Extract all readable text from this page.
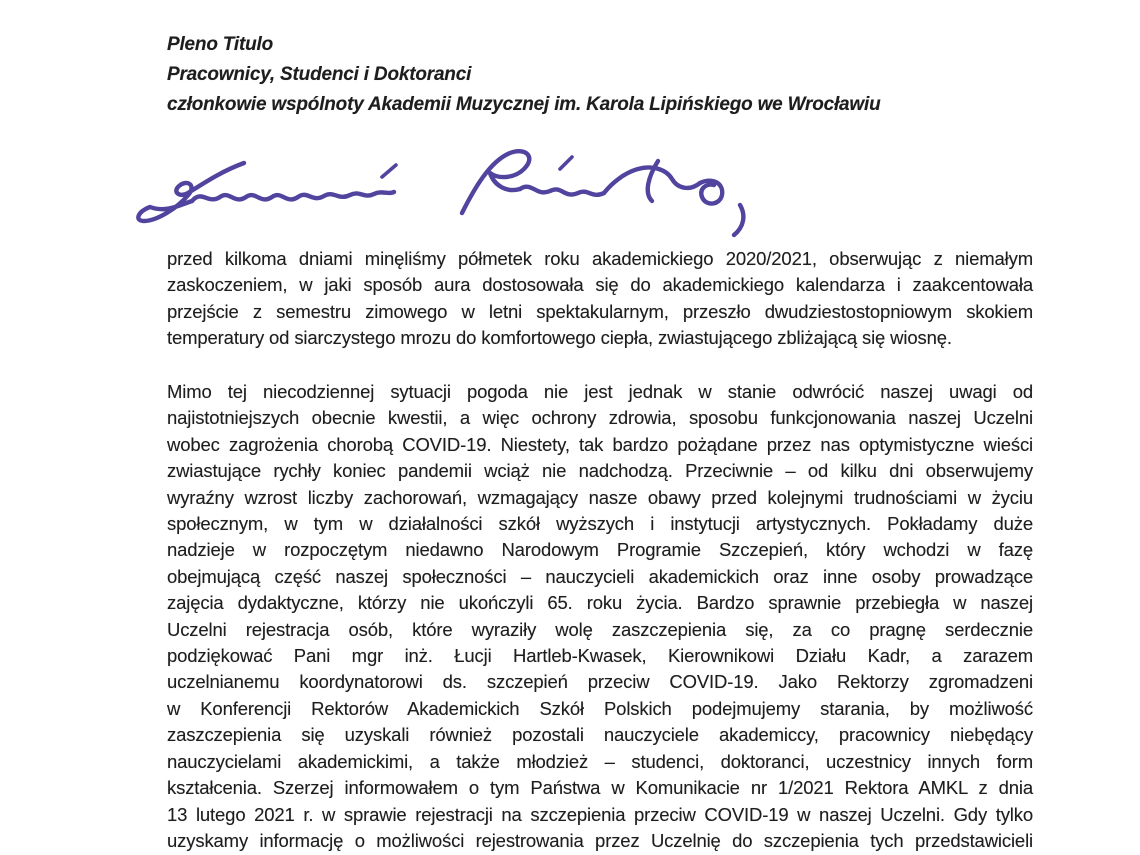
Pleno Titulo
Pracownicy, Studenci i Doktoranci
członkowie wspólnoty Akademii Muzycznej im. Karola Lipińskiego we Wrocławiu
przed kilkoma dniami minęliśmy półmetek roku akademickiego 2020/2021, obserwując z niemałym
zaskoczeniem, w jaki sposób aura dostosowała się do akademickiego kalendarza i zaakcentowała
przejście z semestru zimowego w letni spektakularnym, przeszło dwudziestostopniowym skokiem
temperatury od siarczystego mrozu do komfortowego ciepła, zwiastującego zbliżającą się wiosnę.
Mimo tej niecodziennej sytuacji pogoda nie jest jednak w stanie odwrócić naszej uwagi od
najistotniejszych obecnie kwestii, a więc ochrony zdrowia, sposobu funkcjonowania naszej Uczelni
wobec zagrożenia chorobą COVID-19. Niestety, tak bardzo pożądane przez nas optymistyczne wieści
zwiastujące rychły koniec pandemii wciąż nie nadchodzą. Przeciwnie – od kilku dni obserwujemy
wyraźny wzrost liczby zachorowań, wzmagający nasze obawy przed kolejnymi trudnościami w życiu
społecznym, w tym w działalności szkół wyższych i instytucji artystycznych. Pokładamy duże
nadzieje w rozpoczętym niedawno Narodowym Programie Szczepień, który wchodzi w fazę
obejmującą część naszej społeczności – nauczycieli akademickich oraz inne osoby prowadzące
zajęcia dydaktyczne, którzy nie ukończyli 65. roku życia. Bardzo sprawnie przebiegła w naszej
Uczelni rejestracja osób, które wyraziły wolę zaszczepienia się, za co pragnę serdecznie
podziękować Pani mgr inż. Łucji Hartleb-Kwasek, Kierownikowi Działu Kadr, a zarazem
uczelnianemu koordynatorowi ds. szczepień przeciw COVID-19. Jako Rektorzy zgromadzeni
w Konferencji Rektorów Akademickich Szkół Polskich podejmujemy starania, by możliwość
zaszczepienia się uzyskali również pozostali nauczyciele akademiccy, pracownicy niebędący
nauczycielami akademickimi, a także młodzież – studenci, doktoranci, uczestnicy innych form
kształcenia. Szerzej informowałem o tym Państwa w Komunikacie nr 1/2021 Rektora AMKL z dnia
13 lutego 2021 r. w sprawie rejestracji na szczepienia przeciw COVID-19 w naszej Uczelni. Gdy tylko
uzyskamy informację o możliwości rejestrowania przez Uczelnię do szczepienia tych przedstawicieli
